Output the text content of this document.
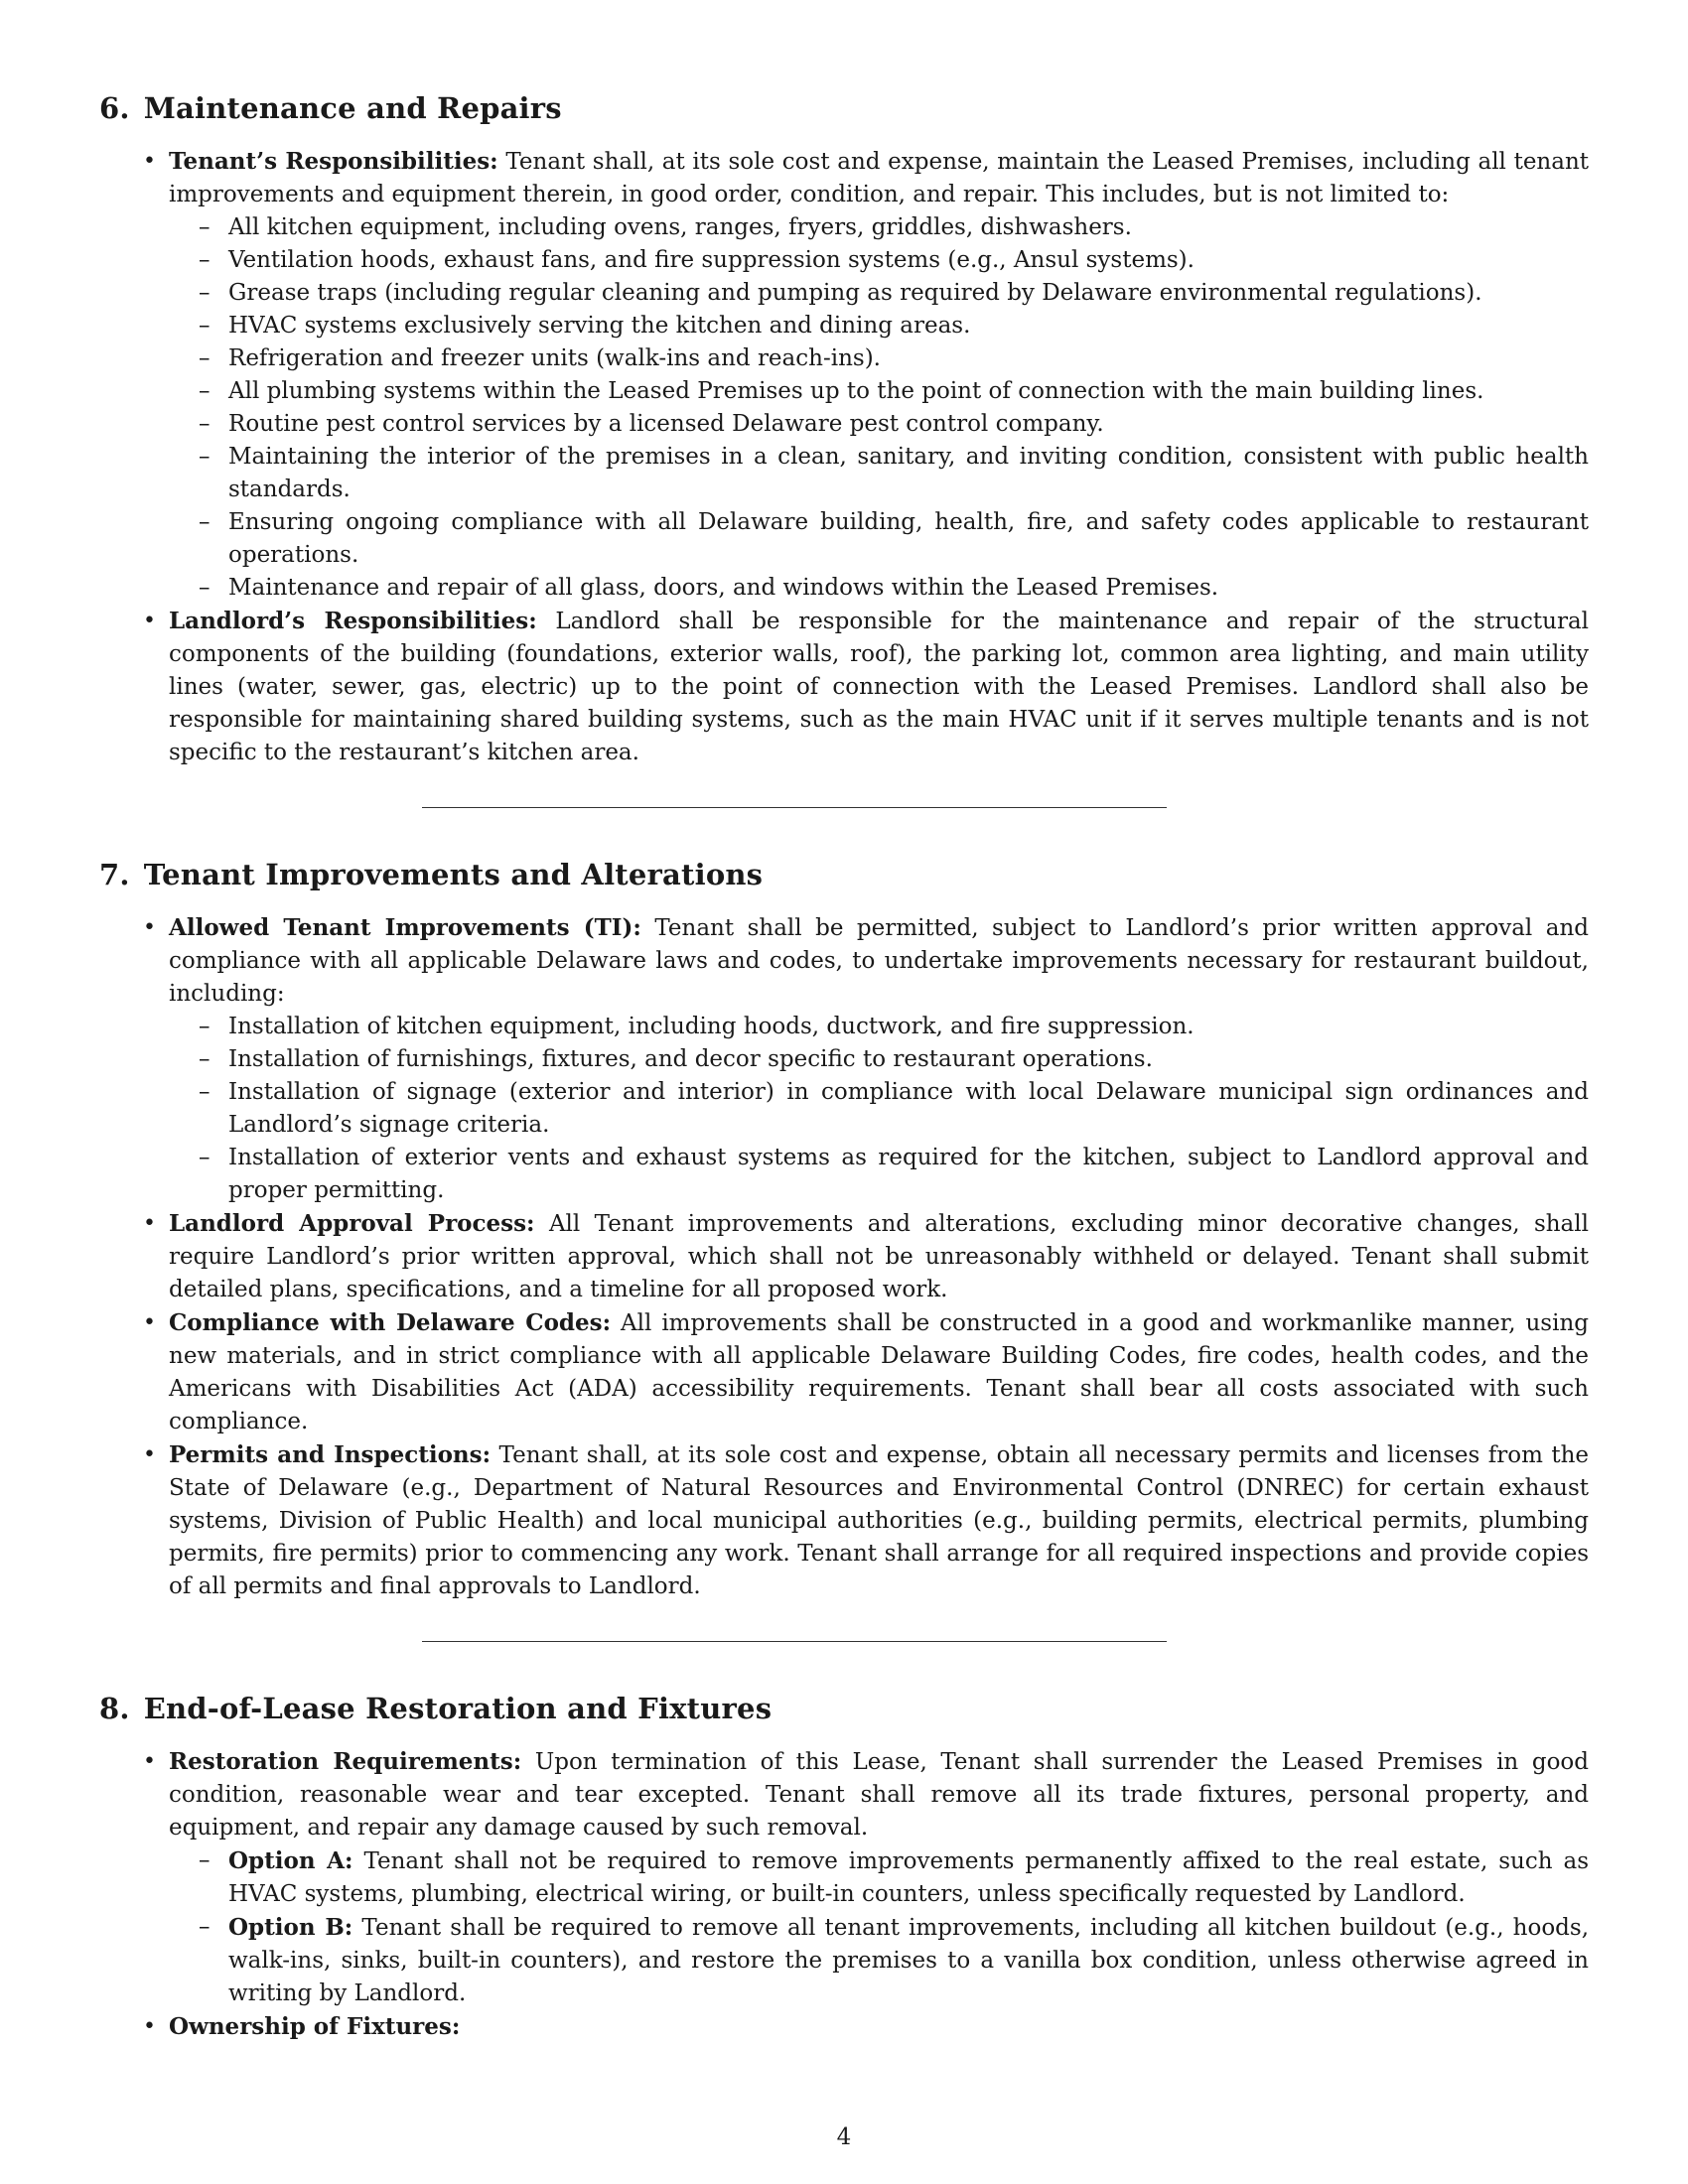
6. Maintenance and Repairs
• Tenant’s Responsibilities: Tenant shall, at its sole cost and expense, maintain the Leased Premises, including all tenant improvements and equipment therein, in good order, condition, and repair. This includes, but is not limited to:
– All kitchen equipment, including ovens, ranges, fryers, griddles, dishwashers.
– Ventilation hoods, exhaust fans, and fire suppression systems (e.g., Ansul systems).
– Grease traps (including regular cleaning and pumping as required by Delaware environmental regulations).
– HVAC systems exclusively serving the kitchen and dining areas.
– Refrigeration and freezer units (walk-ins and reach-ins).
– All plumbing systems within the Leased Premises up to the point of connection with the main building lines.
– Routine pest control services by a licensed Delaware pest control company.
– Maintaining the interior of the premises in a clean, sanitary, and inviting condition, consistent with public health standards.
– Ensuring ongoing compliance with all Delaware building, health, fire, and safety codes applicable to restaurant operations.
– Maintenance and repair of all glass, doors, and windows within the Leased Premises.
• Landlord’s Responsibilities: Landlord shall be responsible for the maintenance and repair of the structural components of the building (foundations, exterior walls, roof), the parking lot, common area lighting, and main utility lines (water, sewer, gas, electric) up to the point of connection with the Leased Premises. Landlord shall also be responsible for maintaining shared building systems, such as the main HVAC unit if it serves multiple tenants and is not specific to the restaurant’s kitchen area.
7. Tenant Improvements and Alterations
• Allowed Tenant Improvements (TI): Tenant shall be permitted, subject to Landlord’s prior written approval and compliance with all applicable Delaware laws and codes, to undertake improvements necessary for restaurant buildout, including:
– Installation of kitchen equipment, including hoods, ductwork, and fire suppression.
– Installation of furnishings, fixtures, and decor specific to restaurant operations.
– Installation of signage (exterior and interior) in compliance with local Delaware municipal sign ordinances and Landlord’s signage criteria.
– Installation of exterior vents and exhaust systems as required for the kitchen, subject to Landlord approval and proper permitting.
• Landlord Approval Process: All Tenant improvements and alterations, excluding minor decorative changes, shall require Landlord’s prior written approval, which shall not be unreasonably withheld or delayed. Tenant shall submit detailed plans, specifications, and a timeline for all proposed work.
• Compliance with Delaware Codes: All improvements shall be constructed in a good and workmanlike manner, using new materials, and in strict compliance with all applicable Delaware Building Codes, fire codes, health codes, and the Americans with Disabilities Act (ADA) accessibility requirements. Tenant shall bear all costs associated with such compliance.
• Permits and Inspections: Tenant shall, at its sole cost and expense, obtain all necessary permits and licenses from the State of Delaware (e.g., Department of Natural Resources and Environmental Control (DNREC) for certain exhaust systems, Division of Public Health) and local municipal authorities (e.g., building permits, electrical permits, plumbing permits, fire permits) prior to commencing any work. Tenant shall arrange for all required inspections and provide copies of all permits and final approvals to Landlord.
8. End-of-Lease Restoration and Fixtures
• Restoration Requirements: Upon termination of this Lease, Tenant shall surrender the Leased Premises in good condition, reasonable wear and tear excepted. Tenant shall remove all its trade fixtures, personal property, and equipment, and repair any damage caused by such removal.
– Option A: Tenant shall not be required to remove improvements permanently affixed to the real estate, such as HVAC systems, plumbing, electrical wiring, or built-in counters, unless specifically requested by Landlord.
– Option B: Tenant shall be required to remove all tenant improvements, including all kitchen buildout (e.g., hoods, walk-ins, sinks, built-in counters), and restore the premises to a vanilla box condition, unless otherwise agreed in writing by Landlord.
• Ownership of Fixtures:
4
